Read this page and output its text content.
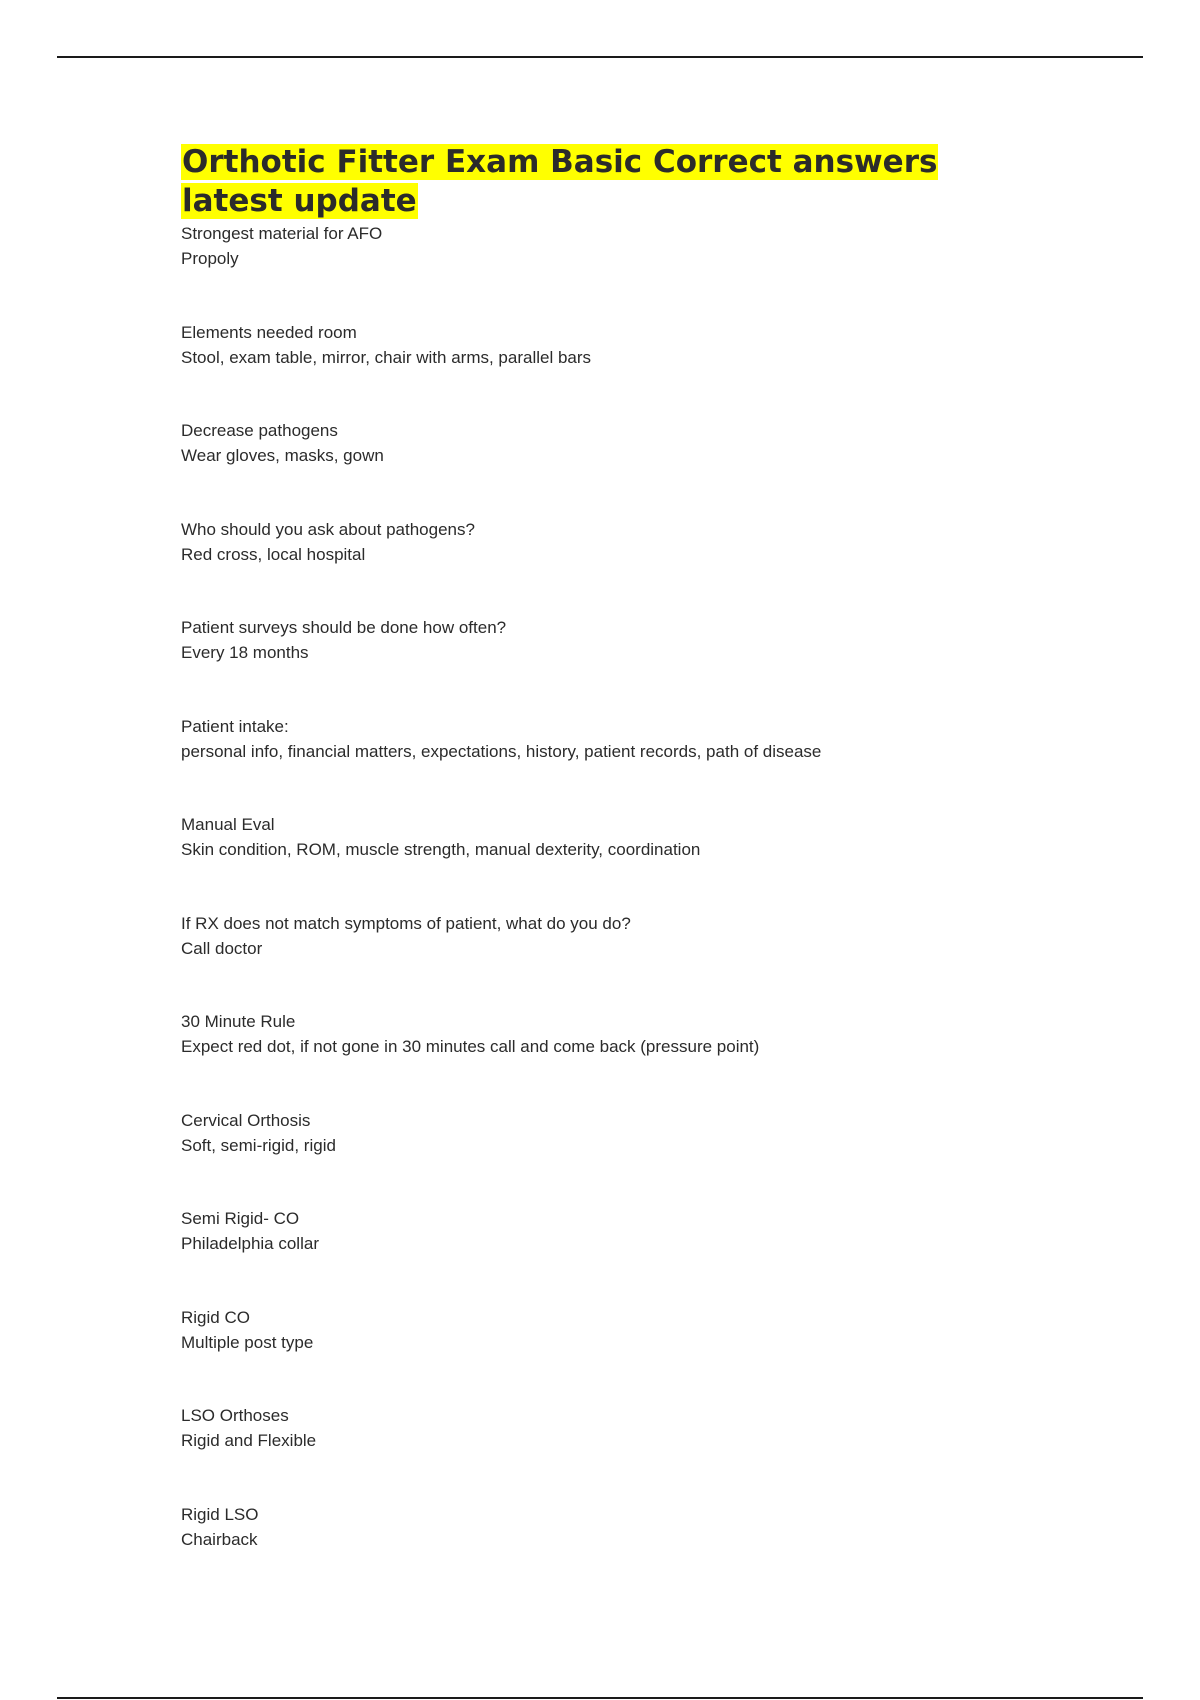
Orthotic Fitter Exam Basic Correct answers latest update

Strongest material for AFO

Propoly

Elements needed room

Stool, exam table, mirror, chair with arms, parallel bars

Decrease pathogens

Wear gloves, masks, gown

Who should you ask about pathogens?

Red cross, local hospital

Patient surveys should be done how often?

Every 18 months

Patient intake:

personal info, financial matters, expectations, history, patient records, path of disease

Manual Eval

Skin condition, ROM, muscle strength, manual dexterity, coordination

If RX does not match symptoms of patient, what do you do?

Call doctor

30 Minute Rule

Expect red dot, if not gone in 30 minutes call and come back (pressure point)

Cervical Orthosis

Soft, semi-rigid, rigid

Semi Rigid- CO

Philadelphia collar

Rigid CO

Multiple post type

LSO Orthoses

Rigid and Flexible

Rigid LSO

Chairback
